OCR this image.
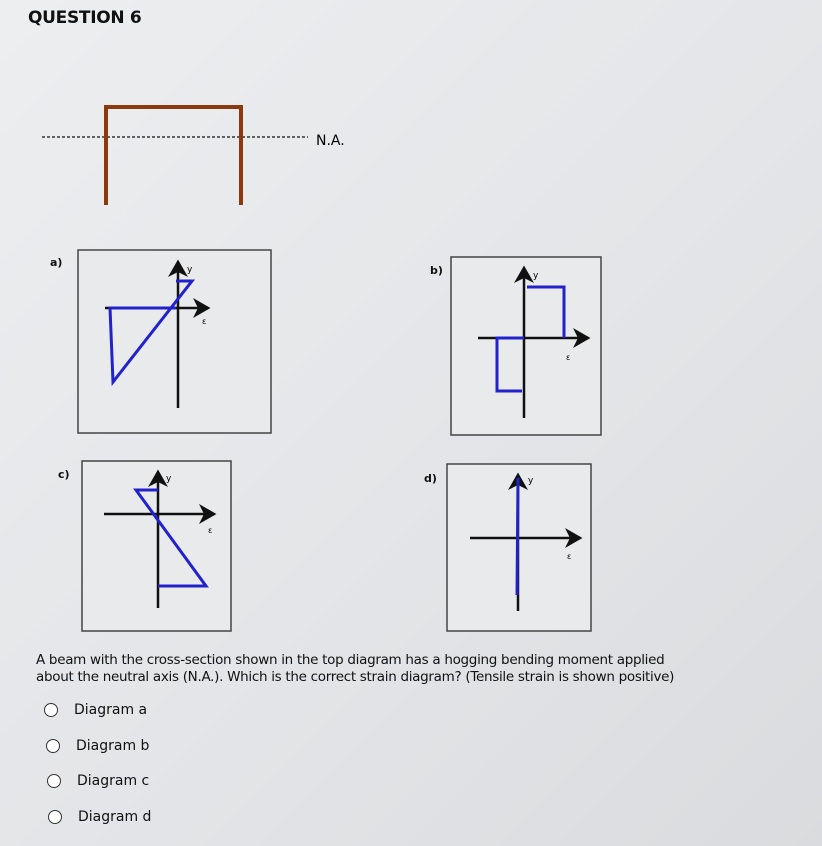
QUESTION 6
N.A.
y
ε
y
ε
y
ε
y
ε
a)
b)
c)	d)
A beam with the cross-section shown in the top diagram has a hogging bending moment applied
about the neutral axis (N.A.). Which is the correct strain diagram? (Tensile strain is shown positive)
Diagram a
Diagram b
Diagram c
Diagram d
